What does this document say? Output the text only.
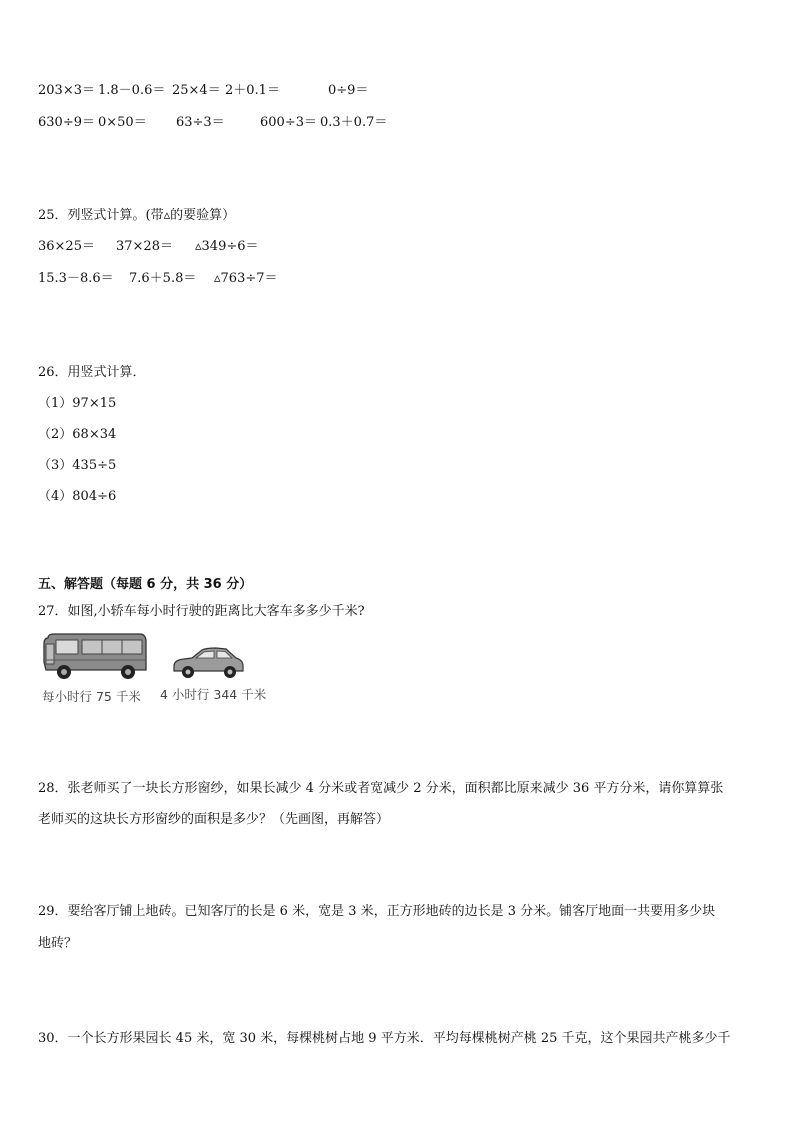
203×3＝ 1.8－0.6＝ 25×4＝ 2＋0.1＝	0÷9＝
630÷9＝ 0×50＝ 63÷3＝	600÷3＝ 0.3＋0.7＝
25．列竖式计算。(带▵的要验算）
36×25＝ 37×28＝ ▵349÷6＝
15.3－8.6＝ 7.6＋5.8＝ ▵763÷7＝
26．用竖式计算．
（1）97×15
（2）68×34
（3）435÷5
（4）804÷6
五、解答题（每题 6 分，共 36 分）
27．如图,小轿车每小时行驶的距离比大客车多多少千米?
每小时行 75 千米 4 小时行 344 千米
28．张老师买了一块长方形窗纱，如果长减少 4 分米或者宽减少 2 分米，面积都比原来减少 36 平方分米，请你算算张
老师买的这块长方形窗纱的面积是多少？（先画图，再解答）
29．要给客厅铺上地砖。已知客厅的长是 6 米，宽是 3 米，正方形地砖的边长是 3 分米。铺客厅地面一共要用多少块
地砖？
30．一个长方形果园长 45 米，宽 30 米，每棵桃树占地 9 平方米．平均每棵桃树产桃 25 千克，这个果园共产桃多少千
